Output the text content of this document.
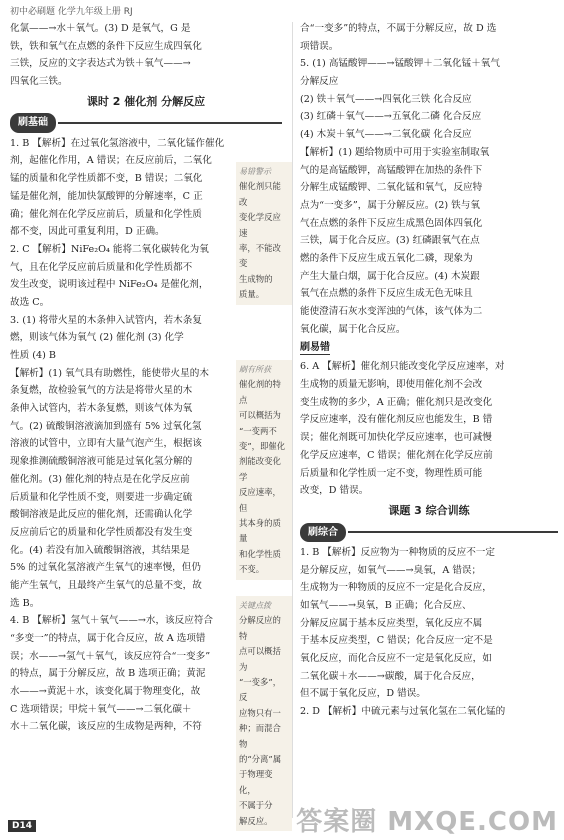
初中必刷题 化学九年级上册 RJ
化氯——→水＋氧气。(3) D 是氧气，G 是
铁，铁和氧气在点燃的条件下反应生成四氧化
三铁，反应的文字表达式为铁＋氧气——→
四氧化三铁。
课时 2 催化剂 分解反应
刷基础
1. B 【解析】在过氧化氢溶液中，二氧化锰作催化
剂，起催化作用，A 错误；在反应前后，二氧化
锰的质量和化学性质都不变，B 错误；二氧化
锰是催化剂，能加快氯酸钾的分解速率，C 正
确；催化剂在化学反应前后，质量和化学性质
都不变，因此可重复利用，D 正确。
2. C 【解析】NiFe₂O₄ 能将二氧化碳转化为氧
气，且在化学反应前后质量和化学性质都不
发生改变，说明该过程中 NiFe₂O₄ 是催化剂，
故选 C。
3. (1) 将带火星的木条伸入试管内，若木条复
燃，则该气体为氧气 (2) 催化剂 (3) 化学
性质 (4) B
【解析】(1) 氧气具有助燃性，能使带火星的木
条复燃，故检验氧气的方法是将带火星的木
条伸入试管内，若木条复燃，则该气体为氧
气。(2) 硫酸铜溶液滴加到盛有 5% 过氧化氢
溶液的试管中，立即有大量气泡产生，根据该
现象推测硫酸铜溶液可能是过氧化氢分解的
催化剂。(3) 催化剂的特点是在化学反应前
后质量和化学性质不变，则要进一步确定硫
酸铜溶液是此反应的催化剂，还需确认化学
反应前后它的质量和化学性质都没有发生变
化。(4) 若没有加入硫酸铜溶液，其结果是
5% 的过氧化氢溶液产生氧气的速率慢，但仍
能产生氧气，且最终产生氧气的总量不变，故
选 B。
4. B 【解析】氢气＋氧气——→水，该反应符合
“多变一”的特点，属于化合反应，故 A 选项错
误；水——→氢气＋氧气，该反应符合“一变多”
的特点，属于分解反应，故 B 选项正确；黄泥
水——→黄泥＋水，该变化属于物理变化，故
C 选项错误；甲烷＋氧气——→二氧化碳＋
水＋二氧化碳，该反应的生成物是两种，不符
易错警示
催化剂只能改
变化学反应速
率，不能改变
生成物的
质量。
刷有所获
催化剂的特点
可以概括为
“一变两不
变”，即催化
剂能改变化学
反应速率，但
其本身的质量
和化学性质
不变。
关键点拨
分解反应的特
点可以概括为
“一变多”，反
应物只有一
种；而混合物
的“分离”属
于物理变化，
不属于分
解反应。
合“一变多”的特点，不属于分解反应，故 D 选
项错误。
5. (1) 高锰酸钾——→锰酸钾＋二氧化锰＋氧气
分解反应
(2) 铁＋氧气——→四氧化三铁 化合反应
(3) 红磷＋氧气——→五氧化二磷 化合反应
(4) 木炭＋氧气——→二氧化碳 化合反应
【解析】(1) 题给物质中可用于实验室制取氧
气的是高锰酸钾，高锰酸钾在加热的条件下
分解生成锰酸钾、二氧化锰和氧气，反应特
点为“一变多”，属于分解反应。(2) 铁与氧
气在点燃的条件下反应生成黑色固体四氧化
三铁，属于化合反应。(3) 红磷跟氧气在点
燃的条件下反应生成五氧化二磷，现象为
产生大量白烟，属于化合反应。(4) 木炭跟
氧气在点燃的条件下反应生成无色无味且
能使澄清石灰水变浑浊的气体，该气体为二
氧化碳，属于化合反应。
刷易错
6. A 【解析】催化剂只能改变化学反应速率，对
生成物的质量无影响，即使用催化剂不会改
变生成物的多少，A 正确；催化剂只是改变化
学反应速率，没有催化剂反应也能发生，B 错
误；催化剂既可加快化学反应速率，也可减慢
化学反应速率，C 错误；催化剂在化学反应前
后质量和化学性质一定不变，物理性质可能
改变，D 错误。
课题 3 综合训练
刷综合
1. B 【解析】反应物为一种物质的反应不一定
是分解反应，如氧气——→臭氧，A 错误；
生成物为一种物质的反应不一定是化合反应，
如氧气——→臭氧，B 正确；化合反应、
分解反应属于基本反应类型，氧化反应不属
于基本反应类型，C 错误；化合反应一定不是
氧化反应，而化合反应不一定是氧化反应，如
二氧化碳＋水——→碳酸，属于化合反应，
但不属于氧化反应，D 错误。
2. D 【解析】中硫元素与过氧化氢在二氧化锰的
D14	答案圈 MXQE.COM
